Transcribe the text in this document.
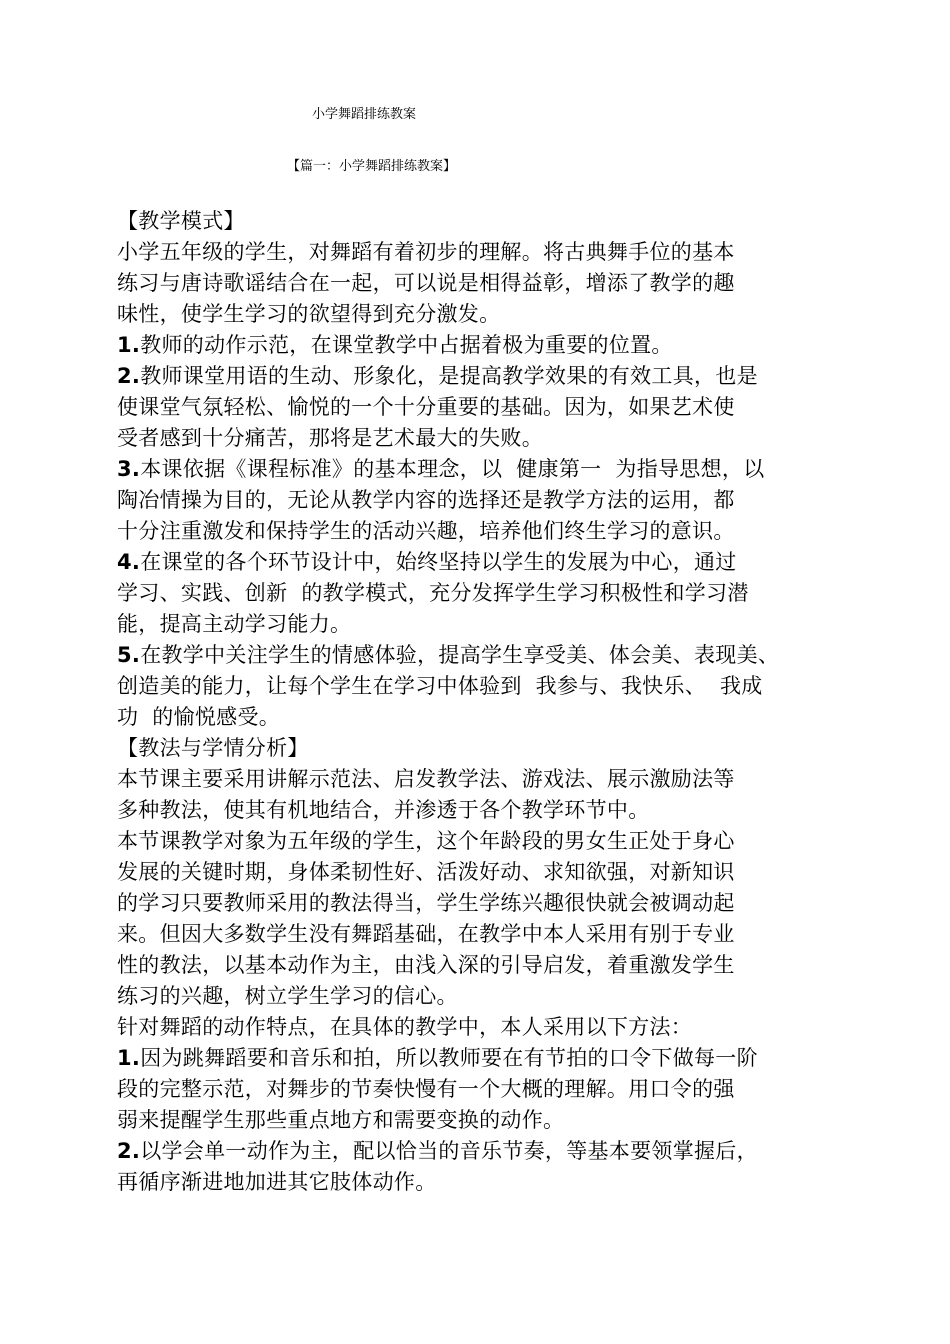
小学舞蹈排练教案
【篇一：小学舞蹈排练教案】
【教学模式】
小学五年级的学生，对舞蹈有着初步的理解。将古典舞手位的基本
练习与唐诗歌谣结合在一起，可以说是相得益彰，增添了教学的趣
味性，使学生学习的欲望得到充分激发。
1.教师的动作示范，在课堂教学中占据着极为重要的位置。
2.教师课堂用语的生动、形象化，是提高教学效果的有效工具，也是
使课堂气氛轻松、愉悦的一个十分重要的基础。因为，如果艺术使
受者感到十分痛苦，那将是艺术最大的失败。
3.本课依据《课程标准》的基本理念，以  健康第一  为指导思想，以
陶冶情操为目的，无论从教学内容的选择还是教学方法的运用，都
十分注重激发和保持学生的活动兴趣，培养他们终生学习的意识。
4.在课堂的各个环节设计中，始终坚持以学生的发展为中心，通过
学习、实践、创新  的教学模式，充分发挥学生学习积极性和学习潜
能，提高主动学习能力。
5.在教学中关注学生的情感体验，提高学生享受美、体会美、表现美、
创造美的能力，让每个学生在学习中体验到  我参与、我快乐、  我成
功  的愉悦感受。
【教法与学情分析】
本节课主要采用讲解示范法、启发教学法、游戏法、展示激励法等
多种教法，使其有机地结合，并渗透于各个教学环节中。
本节课教学对象为五年级的学生，这个年龄段的男女生正处于身心
发展的关键时期，身体柔韧性好、活泼好动、求知欲强，对新知识
的学习只要教师采用的教法得当，学生学练兴趣很快就会被调动起
来。但因大多数学生没有舞蹈基础，在教学中本人采用有别于专业
性的教法，以基本动作为主，由浅入深的引导启发，着重激发学生
练习的兴趣，树立学生学习的信心。
针对舞蹈的动作特点，在具体的教学中，本人采用以下方法：
1.因为跳舞蹈要和音乐和拍，所以教师要在有节拍的口令下做每一阶
段的完整示范，对舞步的节奏快慢有一个大概的理解。用口令的强
弱来提醒学生那些重点地方和需要变换的动作。
2.以学会单一动作为主，配以恰当的音乐节奏，等基本要领掌握后，
再循序渐进地加进其它肢体动作。
